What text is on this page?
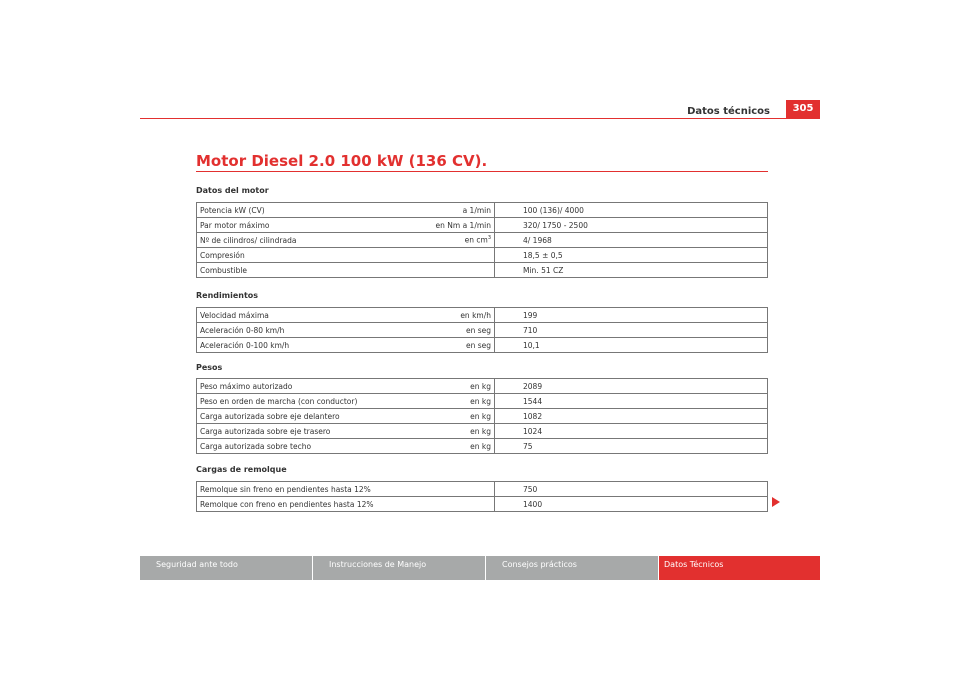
Datos técnicos	305
Motor Diesel 2.0 100 kW (136 CV).
Datos del motor
Potencia kW (CV)	a 1/min	100 (136)/ 4000
Par motor máximo	en Nm a 1/min	320/ 1750 - 2500
Nº de cilindros/ cilindrada	en $cm^3$	4/ 1968
Compresión		18,5 ± 0,5
Combustible		Min. 51 CZ
Rendimientos
Velocidad máxima	en km/h	199
Aceleración 0-80 km/h	en seg	710
Aceleración 0-100 km/h	en seg	10,1
Pesos
Peso máximo autorizado	en kg	2089
Peso en orden de marcha (con conductor)	en kg	1544
Carga autorizada sobre eje delantero	en kg	1082
Carga autorizada sobre eje trasero	en kg	1024
Carga autorizada sobre techo	en kg	75
Cargas de remolque
Remolque sin freno en pendientes hasta 12%		750
Remolque con freno en pendientes hasta 12%		1400
Seguridad ante todo	Instrucciones de Manejo	Consejos prácticos	Datos Técnicos
